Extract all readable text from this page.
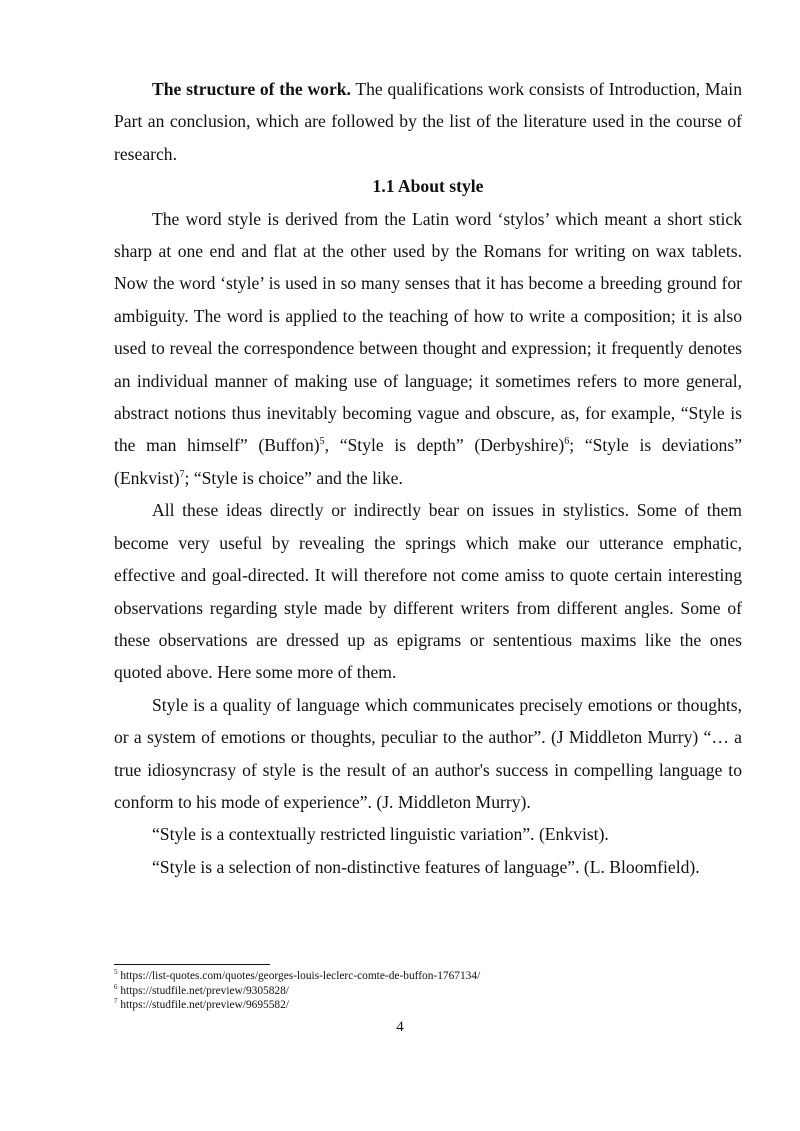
The structure of the work. The qualifications work consists of Introduction, Main Part an conclusion, which are followed by the list of the literature used in the course of research.

1.1 About style

The word style is derived from the Latin word ‘stylos’ which meant a short stick sharp at one end and flat at the other used by the Romans for writing on wax tablets. Now the word ‘style’ is used in so many senses that it has become a breeding ground for ambiguity. The word is applied to the teaching of how to write a composition; it is also used to reveal the correspondence between thought and expression; it frequently denotes an individual manner of making use of language; it sometimes refers to more general, abstract notions thus inevitably becoming vague and obscure, as, for example, “Style is the man himself” (Buffon)$^5$, “Style is depth” (Derbyshire)$^6$; “Style is deviations” (Enkvist)$^7$; “Style is choice” and the like.

All these ideas directly or indirectly bear on issues in stylistics. Some of them become very useful by revealing the springs which make our utterance emphatic, effective and goal-directed. It will therefore not come amiss to quote certain interesting observations regarding style made by different writers from different angles. Some of these observations are dressed up as epigrams or sententious maxims like the ones quoted above. Here some more of them.

Style is a quality of language which communicates precisely emotions or thoughts, or a system of emotions or thoughts, peculiar to the author”. (J Middleton Murry) “… a true idiosyncrasy of style is the result of an author's success in compelling language to conform to his mode of experience”. (J. Middleton Murry).

“Style is a contextually restricted linguistic variation”. (Enkvist).

“Style is a selection of non-distinctive features of language”. (L. Bloomfield).

$^5$ https://list-quotes.com/quotes/georges-louis-leclerc-comte-de-buffon-1767134/

$^6$ https://studfile.net/preview/9305828/

$^7$ https://studfile.net/preview/9695582/

4
